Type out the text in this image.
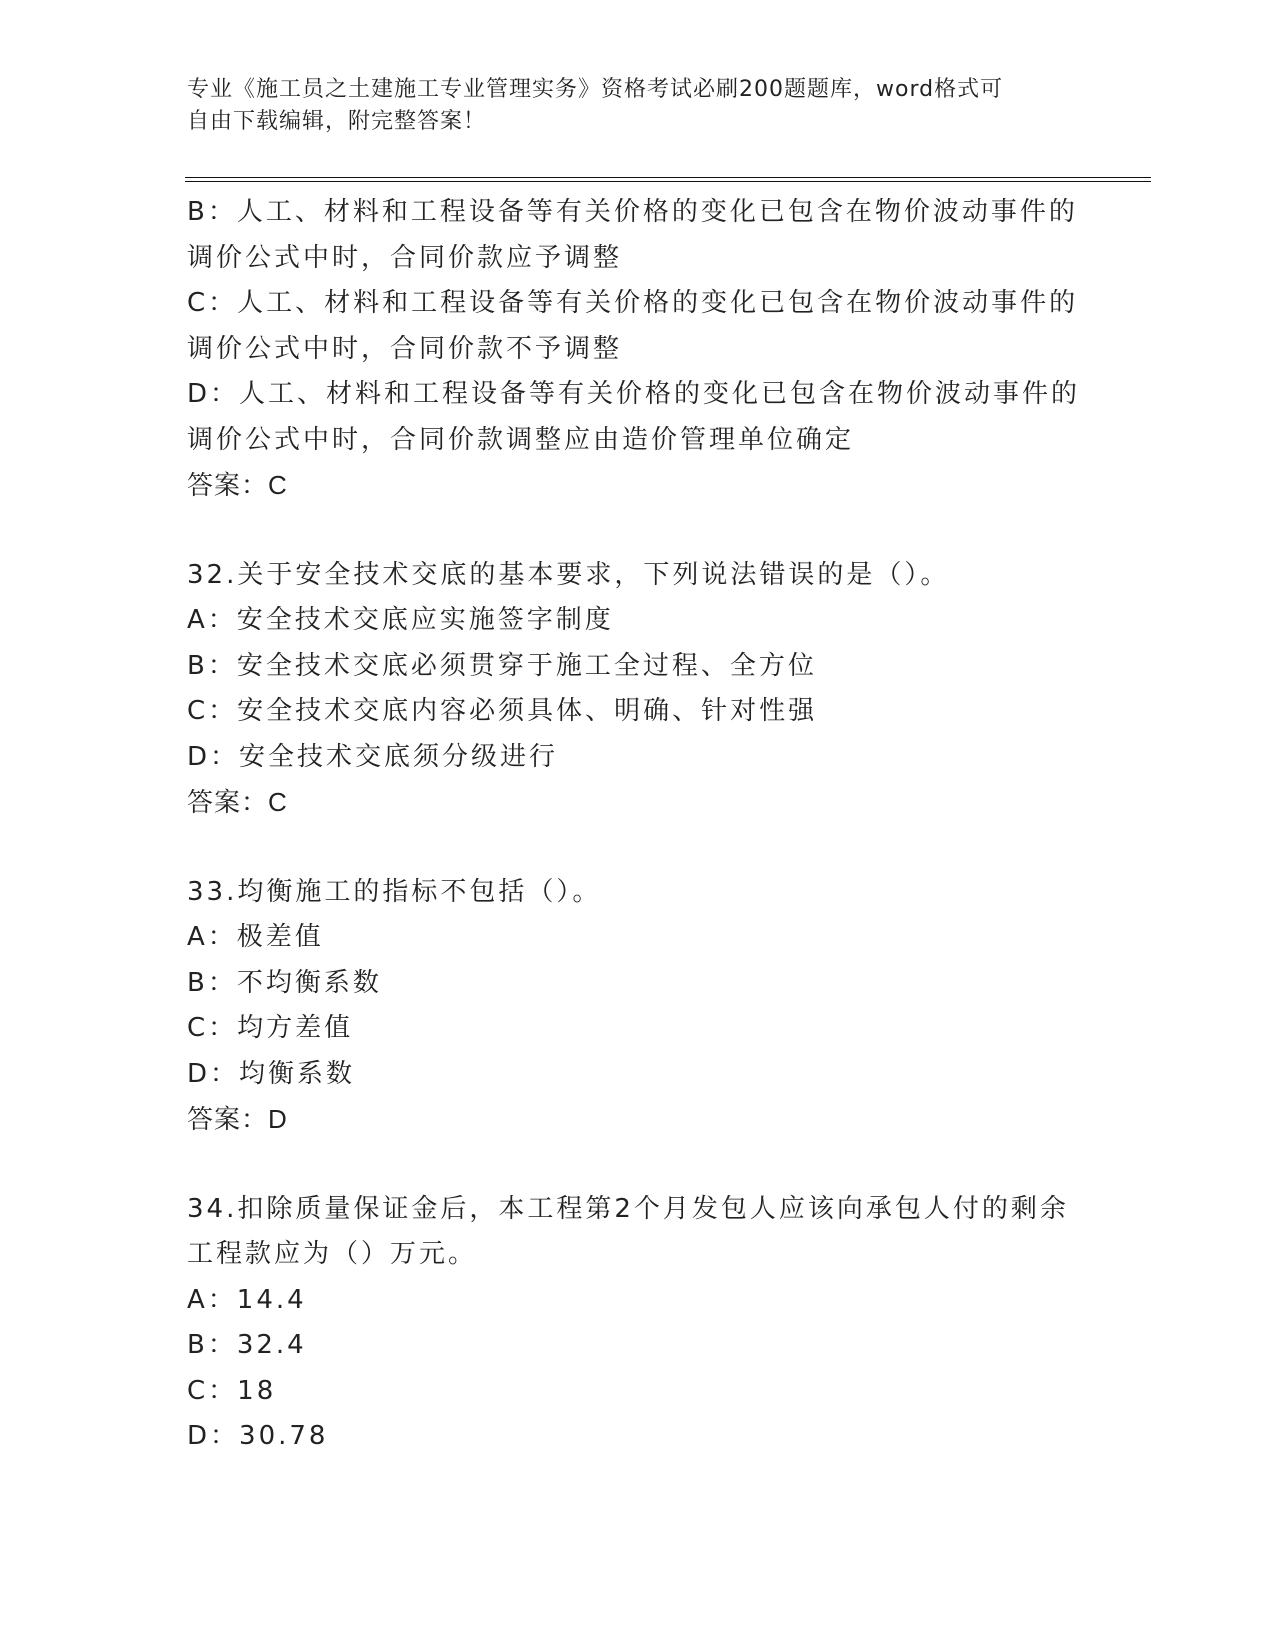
专业《施工员之土建施工专业管理实务》资格考试必刷200题题库，word格式可
自由下载编辑，附完整答案！
B：人工、材料和工程设备等有关价格的变化已包含在物价波动事件的
调价公式中时，合同价款应予调整
C：人工、材料和工程设备等有关价格的变化已包含在物价波动事件的
调价公式中时，合同价款不予调整
D：人工、材料和工程设备等有关价格的变化已包含在物价波动事件的
调价公式中时，合同价款调整应由造价管理单位确定
答案：C
32.关于安全技术交底的基本要求，下列说法错误的是（）。
A：安全技术交底应实施签字制度
B：安全技术交底必须贯穿于施工全过程、全方位
C：安全技术交底内容必须具体、明确、针对性强
D：安全技术交底须分级进行
答案：C
33.均衡施工的指标不包括（）。
A：极差值
B：不均衡系数
C：均方差值
D：均衡系数
答案：D
34.扣除质量保证金后，本工程第2个月发包人应该向承包人付的剩余
工程款应为（）万元。
A：14.4
B：32.4
C：18
D：30.78
